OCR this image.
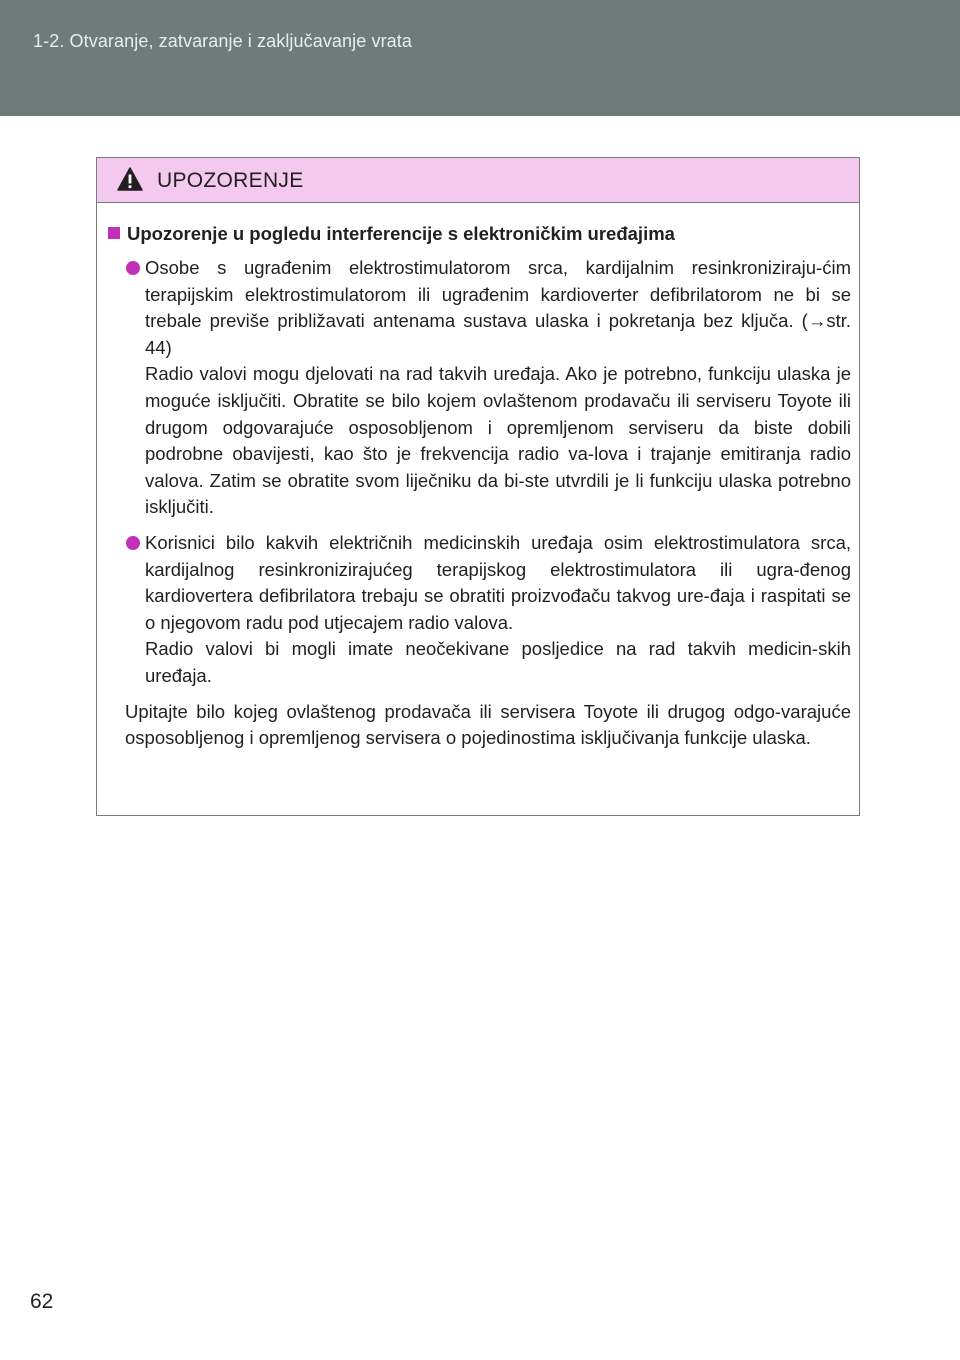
1-2. Otvaranje, zatvaranje i zaključavanje vrata
UPOZORENJE
Upozorenje u pogledu interferencije s elektroničkim uređajima

Osobe s ugrađenim elektrostimulatorom srca, kardijalnim resinkroniziraju-ćim terapijskim elektrostimulatorom ili ugrađenim kardioverter defibrilatorom ne bi se trebale previše približavati antenama sustava ulaska i pokretanja bez ključa. (→str. 44)

Radio valovi mogu djelovati na rad takvih uređaja. Ako je potrebno, funkciju ulaska je moguće isključiti. Obratite se bilo kojem ovlaštenom prodavaču ili serviseru Toyote ili drugom odgovarajuće osposobljenom i opremljenom serviseru da biste dobili podrobne obavijesti, kao što je frekvencija radio va-lova i trajanje emitiranja radio valova. Zatim se obratite svom liječniku da bi-ste utvrdili je li funkciju ulaska potrebno isključiti.

Korisnici bilo kakvih električnih medicinskih uređaja osim elektrostimulatora srca, kardijalnog resinkronizirajućeg terapijskog elektrostimulatora ili ugra-đenog kardiovertera defibrilatora trebaju se obratiti proizvođaču takvog ure-đaja i raspitati se o njegovom radu pod utjecajem radio valova.

Radio valovi bi mogli imate neočekivane posljedice na rad takvih medicin-skih uređaja.

Upitajte bilo kojeg ovlaštenog prodavača ili servisera Toyote ili drugog odgo-varajuće osposobljenog i opremljenog servisera o pojedinostima isključivanja funkcije ulaska.

62
